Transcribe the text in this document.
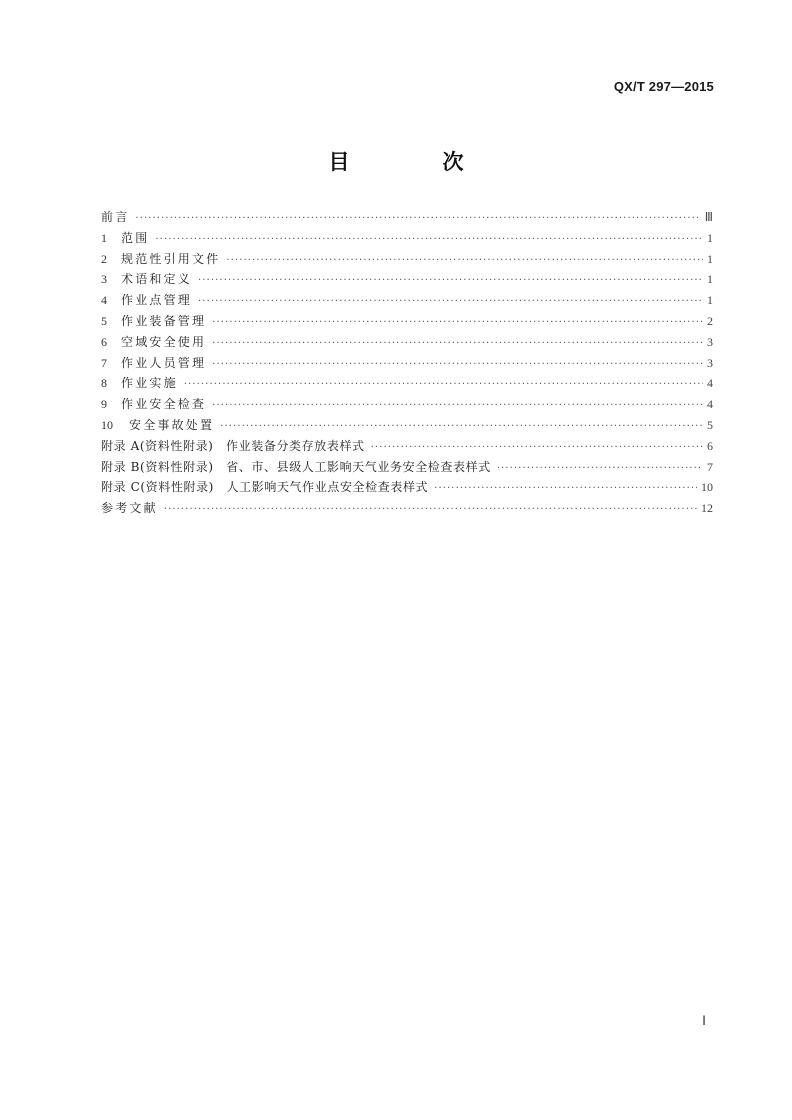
QX/T 297—2015
目　次
前言 ·····	Ⅲ
1	范围 ·····	1
2	规范性引用文件 ·····	1
3	术语和定义 ·····	1
4	作业点管理 ·····	1
5	作业装备管理 ·····	2
6	空域安全使用 ·····	3
7	作业人员管理 ·····	3
8	作业实施 ·····	4
9	作业安全检查 ·····	4
10	安全事故处置 ·····	5
附录 A(资料性附录)　作业装备分类存放表样式 ·····	6
附录 B(资料性附录)　省、市、县级人工影响天气业务安全检查表样式 ·····	7
附录 C(资料性附录)　人工影响天气作业点安全检查表样式 ·····	10
参考文献 ·····	12
Ⅰ
